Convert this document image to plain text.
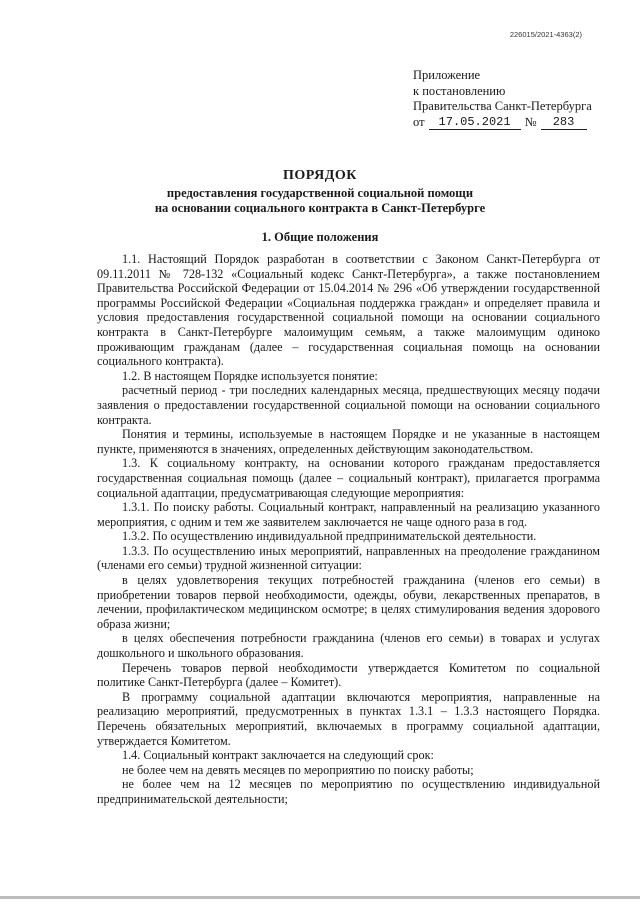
226015/2021-4363(2)
Приложение
к постановлению
Правительства Санкт-Петербурга
от	17.05.2021	№	283
ПОРЯДОК
предоставления государственной социальной помощи
на основании социального контракта в Санкт-Петербурге
1. Общие положения

1.1. Настоящий Порядок разработан в соответствии с Законом Санкт-Петербурга от 09.11.2011 № 728-132 «Социальный кодекс Санкт-Петербурга», а также постановлением Правительства Российской Федерации от 15.04.2014 № 296 «Об утверждении государственной программы Российской Федерации «Социальная поддержка граждан» и определяет правила и условия предоставления государственной социальной помощи на основании социального контракта в Санкт-Петербурге малоимущим семьям, а также малоимущим одиноко проживающим гражданам (далее – государственная социальная помощь на основании социального контракта).

1.2. В настоящем Порядке используется понятие:

расчетный период - три последних календарных месяца, предшествующих месяцу подачи заявления о предоставлении государственной социальной помощи на основании социального контракта.

Понятия и термины, используемые в настоящем Порядке и не указанные в настоящем пункте, применяются в значениях, определенных действующим законодательством.

1.3. К социальному контракту, на основании которого гражданам предоставляется государственная социальная помощь (далее – социальный контракт), прилагается программа социальной адаптации, предусматривающая следующие мероприятия:

1.3.1. По поиску работы. Социальный контракт, направленный на реализацию указанного мероприятия, с одним и тем же заявителем заключается не чаще одного раза в год.

1.3.2. По осуществлению индивидуальной предпринимательской деятельности.

1.3.3. По осуществлению иных мероприятий, направленных на преодоление гражданином (членами его семьи) трудной жизненной ситуации:

в целях удовлетворения текущих потребностей гражданина (членов его семьи) в приобретении товаров первой необходимости, одежды, обуви, лекарственных препаратов, в лечении, профилактическом медицинском осмотре; в целях стимулирования ведения здорового образа жизни;

в целях обеспечения потребности гражданина (членов его семьи) в товарах и услугах дошкольного и школьного образования.

Перечень товаров первой необходимости утверждается Комитетом по социальной политике Санкт-Петербурга (далее – Комитет).

В программу социальной адаптации включаются мероприятия, направленные на реализацию мероприятий, предусмотренных в пунктах 1.3.1 – 1.3.3 настоящего Порядка. Перечень обязательных мероприятий, включаемых в программу социальной адаптации, утверждается Комитетом.

1.4. Социальный контракт заключается на следующий срок:

не более чем на девять месяцев по мероприятию по поиску работы;

не более чем на 12 месяцев по мероприятию по осуществлению индивидуальной предпринимательской деятельности;
